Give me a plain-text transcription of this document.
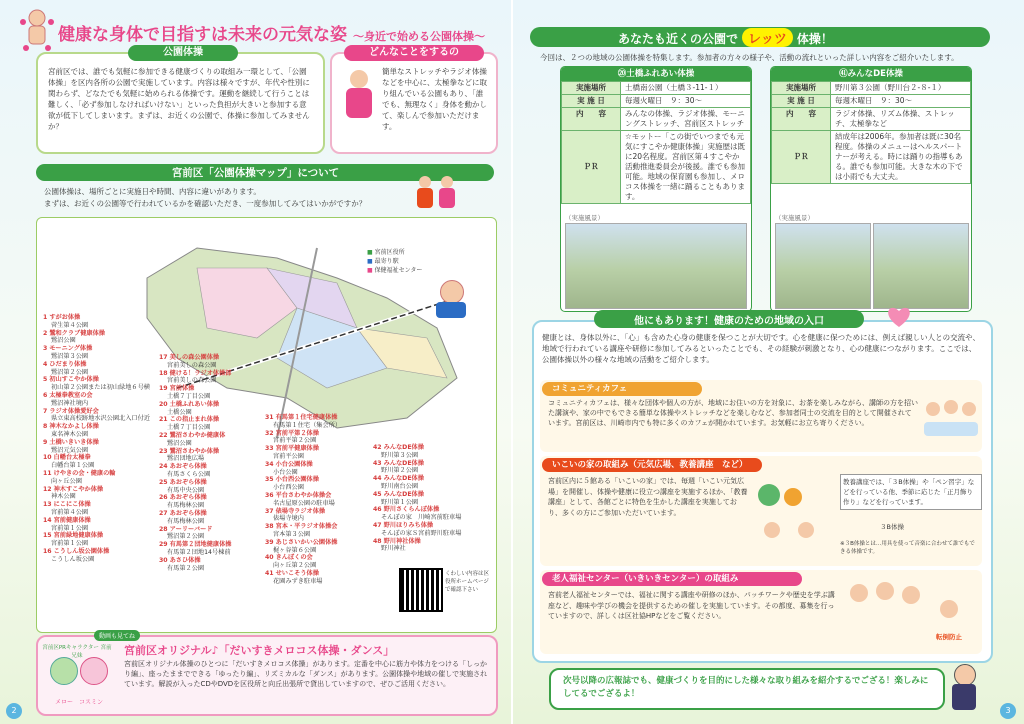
健康な身体で目指すは未来の元気な姿 ～身近で始める公園体操～
公園体操
宮前区では、誰でも気軽に参加できる健康づくりの取組み一環として、「公園体操」を区内各所の公園で実施しています。内容は様々ですが、年代や性別に関わらず、どなたでも気軽に始められる体操です。運動を継続して行うことは難しく、「必ず参加しなければいけない」といった負担が大きいと参加する意欲が低下してしまいます。まずは、お近くの公園で、体操に参加してみませんか？
どんなことをするの
簡単なストレッチやラジオ体操などを中心に、太極拳などに取り組んでいる公園もあり、「誰でも、無理なく」身体を動かして、楽しんで参加いただけます。
宮前区「公園体操マップ」について
公園体操は、場所ごとに実施日や時間、内容に違いがあります。
まずは、お近くの公園等で行われているかを確認いただき、一度参加してみてはいかがですか？
■ 宮前区役所
■ 最寄り駅
■ 保健福祉センター
1 すがお体操
菅生第４公園
2 鷺和クラブ健康体操
鷺沼公園
3 モーニング体操
鷺沼第３公園
4 ひだまり体操
鷺沼第２公園
5 初山すこやか体操
初山第２公園または初山緑地６号横
6 太極拳教室の会
鷺沼神社境内
7 ラジオ体操愛好会
県立東高校跡地水沢公園北入口付近
8 神木なかよし体操
東名神木公園
9 土橋いきいき体操
鷺沼元気公園
10 白幡台太極拳
白幡台第１公園
11 けやきの会・健康の輪
向ヶ丘公園
12 神木すこやか体操
神木公園
13 にこにこ体操
宮前第４公園
14 宮前健康体操
宮前第１公園
15 宮前緑地健康体操
宮前第１公園
16 こうしん坂公園体操
こうしん坂公園
17 美しの森公園体操
宮前美しの森公園
18 健ける！ラジオ体操部
宮前美しの森公園
19 宮前体操
土橋７丁目公園
20 土橋ふれあい体操
土橋公園
21 この指止まれ体操
土橋７丁目公園
22 鷺沼さわやか健康体
鷺沼公園
23 鷺沼さわやか体操
鷺沼団地広場
24 あおぞら体操
有馬さくら公園
25 あおぞら体操
有馬中央公園
26 あおぞら体操
有馬梅林公園
27 あおぞら体操
有馬梅林公園
28 アーリーバード
鷺沼第２公園
29 有馬第２団地健康体操
有馬第２団地14号棟前
30 あさひ体操
有馬第２公園
31 有馬第１住宅健康体操
有馬第１住宅（集会所）
32 宮前平第２体操
宮前平第２公園
33 宮前平健康体操
宮前平公園
34 小台公園体操
小台公園
35 小台西公園体操
小台西公園
36 平台さわやか体操会
名古屋原公園の駐車場
37 俵場寺ラジオ体操
俵場寺境内
38 宮本・平ラジオ体操会
宮本第３公園
39 あじさいかい公園体操
梶ヶ谷第６公園
40 きんぼくの会
向ヶ丘第２公園
41 せいこそう体操
花園みずき駐車場
42 みんなDE体操
野川第３公園
43 みんなDE体操
野川第２公園
44 みんなDE体操
野川南台公園
45 みんなDE体操
野川第１公園
46 野川さくらんぼ体操
そんぽの家　川崎宮前駐車場
47 野川ほりみち体操
そんぽの家Ｓ宮前野川駐車場
48 野川神社体操
野川神社
くわしい内容は区役所ホームページで確認下さい
動画も見てね
宮前区PRキャラクター 宮前兄妹
メロー　コスミン
宮前区オリジナル♪「だいすきメロコス体操・ダンス」
宮前区オリジナル体操のひとつに「だいすきメロコス体操」があります。定番を中心に筋力や体力をつける「しっかり編」、座ったままでできる「ゆったり編」、リズミカルな「ダンス」があります。公園体操や地域の催しで実施されています。解説が入ったCDやDVDを区役所と向丘出張所で貸出していますので、ぜひご活用ください。
2
あなたも近くの公園で レッツ 体操！
今回は、２つの地域の公園体操を特集します。参加者の方々の様子や、活動の流れといった詳しい内容をご紹介いたします。
⑳土橋ふれあい体操
実施場所	土橋南公園（土橋３-11-１）
実 施 日	毎週火曜日　９：30～
内　　容	みんなの体操、ラジオ体操、モーニングストレッチ、宮前区ストレッチ
ＰＲ	☆モットー「この街でいつまでも元気にすこやか健康体操」実施歴は既に20名程度。宮前区第４すこやか活動推進委員会が後援。誰でも参加可能。地域の保育園も参加し、メロコス体操を一緒に踊ることもあります。
（実施風景）
㊶みんなDE体操
実施場所	野川第３公園（野川台２-８-１）
実 施 日	毎週木曜日　９：30～
内　　容	ラジオ体操、リズム体操、ストレッチ、太極拳など
ＰＲ	結成年は2006年。参加者は既に30名程度。体操のメニューはヘルスパートナーが考える。時には踊りの指導もある。誰でも参加可能。大きな木の下では小雨でも大丈夫。
（実施風景）
他にもあります！健康のための地域の入口
健康とは、身体以外に、「心」も含めた心身の健康を保つことが大切です。心を健康に保つためには、例えば親しい人との交流や、地域で行われている講座や研修に参加してみるといったことでも、その経験が刺激となり、心の健康につながります。ここでは、公園体操以外の様々な地域の活動をご紹介します。
コミュニティカフェ
コミュニティカフェは、様々な団体や個人の方が、地域にお住いの方を対象に、お茶を楽しみながら、講師の方を招いた講演や、家の中でもできる簡単な体操やストレッチなどを楽しむなど、参加者同士の交流を目的として開催されています。宮前区は、川崎市内でも特に多くのカフェが開かれています。お気軽にお立ち寄りください。
いこいの家の取組み（元気広場、教養講座　など）
宮前区内に５館ある「いこいの家」では、毎週「いこい元気広場」を開催し、体操や健康に役立つ講座を実施するほか、「教養講座」として、各館ごとに特色を生かした講座を実施しており、多くの方にご参加いただいています。
教養講座では、「３B体操」や「ペン習字」などを行っている他、季節に応じた「正月飾り作り」などを行っています。
３B体操
※３B体操とは…用具を使って音楽に合わせて誰でもできる体操です。
老人福祉センター（いきいきセンター）の取組み
宮前老人福祉センターでは、福祉に関する講座や研修のほか、パッチワークや歴史を学ぶ講座など、趣味や学びの機会を提供するための催しを実施しています。その都度、募集を行っていますので、詳しくは区社協HPなどをご覧ください。
転倒防止
次号以降の広報誌でも、健康づくりを目的にした様々な取り組みを紹介するでござる！楽しみにしてるでござるよ！
3
